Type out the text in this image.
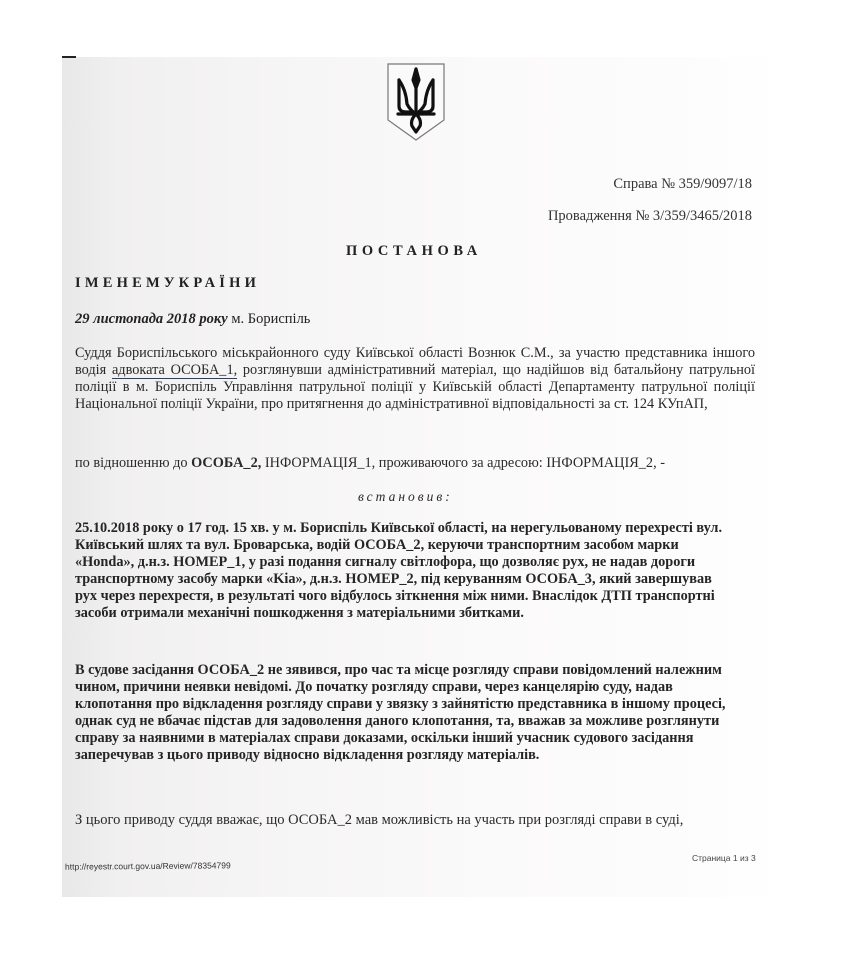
Справа № 359/9097/18
Провадження № 3/359/3465/2018
ПОСТАНОВА
ІМЕНЕМУКРАЇНИ
29 листопада 2018 року м. Бориспіль
Суддя Бориспільського міськрайонного суду Київської області Вознюк С.М., за участю представника іншого водія адвоката ОСОБА_1, розглянувши адміністративний матеріал, що надійшов від батальйону патрульної поліції в м. Бориспіль Управління патрульної поліції у Київській області Департаменту патрульної поліції Національної поліції України, про притягнення до адміністративної відповідальності за ст. 124 КУпАП,
по відношенню до ОСОБА_2, ІНФОРМАЦІЯ_1, проживаючого за адресою: ІНФОРМАЦІЯ_2, -
встановив:
25.10.2018 року о 17 год. 15 хв. у м. Бориспіль Київської області, на нерегульованому перехресті вул. Київський шлях та вул. Броварська, водій ОСОБА_2, керуючи транспортним засобом марки «Honda», д.н.з. НОМЕР_1, у разі подання сигналу світлофора, що дозволяє рух, не надав дороги транспортному засобу марки «Kia», д.н.з. НОМЕР_2, під керуванням ОСОБА_3, який завершував рух через перехрестя, в результаті чого відбулось зіткнення між ними. Внаслідок ДТП транспортні засоби отримали механічні пошкодження з матеріальними збитками.
В судове засідання ОСОБА_2 не зявився, про час та місце розгляду справи повідомлений належним чином, причини неявки невідомі. До початку розгляду справи, через канцелярію суду, надав клопотання про відкладення розгляду справи у звязку з зайнятістю представника в іншому процесі, однак суд не вбачає підстав для задоволення даного клопотання, та, вважав за можливе розглянути справу за наявними в матеріалах справи доказами, оскільки інший учасник судового засідання заперечував з цього приводу відносно відкладення розгляду матеріалів.
З цього приводу суддя вважає, що ОСОБА_2 мав можливість на участь при розгляді справи в суді,
http://reyestr.court.gov.ua/Review/78354799
Страница 1 из 3
